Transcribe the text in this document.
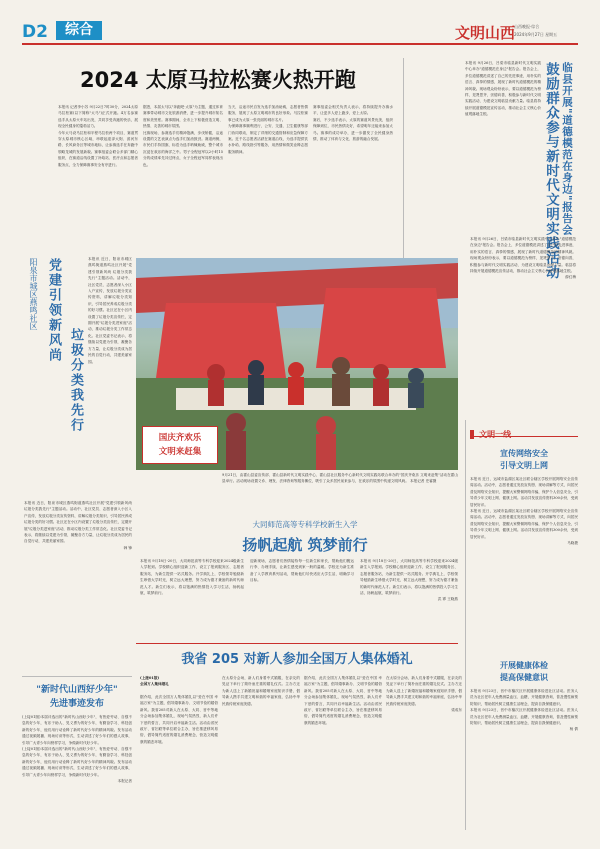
D2	综合	文明山西
山西晚报·综合
2024年9月27日 星期五
2024 太原马拉松赛火热开跑

本报讯 记者李小苏 9月22日7时30分，2024太原马拉松赛(以下简称"太马")正式开跑。4万名参赛选手从太原火车站出发，共同享受奔跑的快乐，展现全民健身的蓬勃活力。

今年太马设马拉松和半程马拉松两个项目，赛道贯穿太原城市核心区域，串联起迎泽大街、滨河东路、长风商务区等城市地标，让参赛选手在奔跑中领略龙城的发展新貌。赛事组委会联合多部门精心组织，在赛道沿线设置了补给站、医疗点和志愿者服务点，全力保障赛事安全有序进行。

据悉，本届太马以"奔跑吧·太原"为主题，通过体育赛事带动城市文化旅游消费，进一步提升城市知名度和美誉度。赛事期间，全市上下积极营造文明、热情、友善的城市氛围。

比赛现场，参赛选手们精神饱满，步伐矫健，沿途设置的文艺表演点为选手们加油鼓劲。赛道两侧，市民们手持国旗、标语为选手呐喊助威，整个城市沉浸在欢乐的海洋之中。男子全程冠军以2小时15分的成绩率先冲过终点，女子全程冠军同样表现出色。

当天，沿途市民自发为选手加油助威，志愿者热情服务，展现了太原文明城市的良好形象。马拉松赛事已成为太原一张亮丽的城市名片。

为保障赛事顺利进行，公安、交通、卫生健康等部门协同联动，制定了详细的交通管制和应急保障方案。近千名志愿者活跃在赛道沿线，为选手提供饮水补给、路线指引等服务，用热情和微笑诠释志愿服务精神。

赛事组委会相关负责人表示，将持续提升办赛水平，让更多人爱上跑步，爱上太原。

赛后，不少选手表示，太原的赛道风景优美，组织保障到位，市民热情友好，希望明年还能来参加太马。赛事的成功举办，进一步激发了全民健身热情，推动了体育与文化、旅游的融合发展。

本报讯 9月26日，吕梁市临县新时代文明实践中心举办"道德模范在身边"报告会。报告会上，多位道德模范讲述了自己的先进事迹，用朴实的语言、真挚的情感，展现了新时代道德模范的精神风貌。现场观众纷纷表示，要以道德模范为榜样，见贤思齐，崇德向善，积极参与新时代文明实践活动，为建设文明临县贡献力量。临县将持续开展道德模范宣传活动，推动社会主义核心价值观落地生根。	临县开展"道德模范在身边"报告会
鼓励群众参与新时代文明实践活动

本报讯 9月26日，吕梁市临县新时代文明实践中心举办"道德模范在身边"报告会。报告会上，多位道德模范讲述了自己的先进事迹，用朴实的语言、真挚的情感，展现了新时代道德模范的精神风貌。现场观众纷纷表示，要以道德模范为榜样，见贤思齐，崇德向善，积极参与新时代文明实践活动，为建设文明临县贡献力量。临县将持续开展道德模范宣传活动，推动社会主义核心价值观落地生根。

薛红梅

阳泉市城区燕鸣社区 党建引领新风尚
垃圾分类我先行

本报讯 近日，阳泉市城区燕鸣街道燕鸣社区开展"党建引领新风尚 垃圾分类我先行"主题活动。活动中，社区党员、志愿者深入小区入户宣传，发放垃圾分类宣传资料，讲解垃圾分类知识，引导居民养成垃圾分类的好习惯。社区还在小区内设置了垃圾分类宣传栏，定期开展"垃圾分类进家庭"活动，推动垃圾分类工作常态化。社区党委书记表示，将继续以党建为引领，凝聚各方力量，让垃圾分类成为居民的自觉行动，共建美丽家园。

本报讯 近日，阳泉市城区燕鸣街道燕鸣社区开展"党建引领新风尚 垃圾分类我先行"主题活动。活动中，社区党员、志愿者深入小区入户宣传，发放垃圾分类宣传资料，讲解垃圾分类知识，引导居民养成垃圾分类的好习惯。社区还在小区内设置了垃圾分类宣传栏，定期开展"垃圾分类进家庭"活动，推动垃圾分类工作常态化。社区党委书记表示，将继续以党建为引领，凝聚各方力量，让垃圾分类成为居民的自觉行动，共建美丽家园。

韩 锋

国庆齐欢乐
文明来赶集
9月21日，由霍山县委宣传部、霍山县新时代文明实践中心、霍山县社区服务中心新时代文明实践站联合举办的"国庆齐欢乐 文明来赶集"活动在霍山县举行。活动现场设置义诊、理发、法律咨询等服务摊位，吸引了众多居民前来参与，在欢乐的氛围中传递文明风尚。 本报记者 史睿摄
大同师范高等专科学校新生入学
扬帆起航 筑梦前行

本报讯 9月18日-20日，大同师范高等专科学校迎来2024级新生入学报到。学校精心组织迎新工作，设立了报到服务区、志愿者服务站，为新生提供一站式服务。开学典礼上，学校领导勉励新生珍惜大学时光，树立远大理想，努力成为德才兼备的新时代师范人才。新生们表示，将以饱满的热情投入学习生活，扬帆起航，筑梦前行。

迎新现场，志愿者们热情接待每一位新生和家长，帮助他们搬运行李、办理手续，让新生感受到家一般的温暖。学校还为新生准备了入学教育系列活动，帮助他们尽快适应大学生活，明确学习目标。

本报讯 9月18日-20日，大同师范高等专科学校迎来2024级新生入学报到。学校精心组织迎新工作，设立了报到服务区、志愿者服务站，为新生提供一站式服务。开学典礼上，学校领导勉励新生珍惜大学时光，树立远大理想，努力成为德才兼备的新时代师范人才。新生们表示，将以饱满的热情投入学习生活，扬帆起航，筑梦前行。

武 霏 王晓燕

我省 205 对新人参加全国万人集体婚礼
(上接01版)
全国万人集体婚礼

据介绍，此次全国万人集体婚礼以"爱在中国 幸福万家"为主题，倡导婚事新办、文明节俭的婚俗新风。我省205对新人在太原、大同、晋中等地分会场参加集体婚礼，现场气氛热烈，新人们许下爱的誓言，共同开启幸福新生活。活动由省民政厅、省妇联等单位联合主办，旨在推进移风易俗，倡导简约适度的婚礼消费理念，营造文明健康的婚恋环境。

在太原分会场，新人们身着中式婚服，在亲友的见证下举行了简朴而庄重的婚礼仪式。主办方还为新人送上了新婚祝福和婚姻家庭知识手册，倡导新人携手共建文明和谐的幸福家庭，弘扬中华民族传统家庭美德。

据介绍，此次全国万人集体婚礼以"爱在中国 幸福万家"为主题，倡导婚事新办、文明节俭的婚俗新风。我省205对新人在太原、大同、晋中等地分会场参加集体婚礼，现场气氛热烈，新人们许下爱的誓言，共同开启幸福新生活。活动由省民政厅、省妇联等单位联合主办，旨在推进移风易俗，倡导简约适度的婚礼消费理念，营造文明健康的婚恋环境。

在太原分会场，新人们身着中式婚服，在亲友的见证下举行了简朴而庄重的婚礼仪式。主办方还为新人送上了新婚祝福和婚姻家庭知识手册，倡导新人携手共建文明和谐的幸福家庭，弘扬中华民族传统家庭美德。

梁成东

"新时代山西好少年"
先进事迹发布

(上接01版)本届评选出的"新时代山西好少年"，有热爱劳动、自强不息的好少年，有乐于助人、见义勇为的好少年，有勤奋学习、科技创新的好少年，他们用行动诠释了新时代好少年的精神风貌。发布活动通过视频展播、现场访谈等形式，生动讲述了好少年们的感人故事，引导广大青少年向榜样学习，争做新时代好少年。

(上接01版)本届评选出的"新时代山西好少年"，有热爱劳动、自强不息的好少年，有乐于助人、见义勇为的好少年，有勤奋学习、科技创新的好少年，他们用行动诠释了新时代好少年的精神风貌。发布活动通过视频展播、现场访谈等形式，生动讲述了好少年们的感人故事，引导广大青少年向榜样学习，争做新时代好少年。

本报记者

文明一线
宣传网络安全
引导文明上网

本报讯 近日，运城市盐湖区某社区联合辖区学校开展网络安全宣传周活动。活动中，志愿者通过发放宣传册、现场讲解等方式，向居民普及网络安全知识，提醒大家警惕网络诈骗，保护个人信息安全，引导青少年文明上网、健康上网。活动共发放宣传资料300余份，受到居民好评。

本报讯 近日，运城市盐湖区某社区联合辖区学校开展网络安全宣传周活动。活动中，志愿者通过发放宣传册、现场讲解等方式，向居民普及网络安全知识，提醒大家警惕网络诈骗，保护个人信息安全，引导青少年文明上网、健康上网。活动共发放宣传资料300余份，受到居民好评。

马晓捷

开展健康体检
提高保健意识

本报讯 9月23日，晋中市榆次区开展健康体检进社区活动。医务人员为社区老年人免费测量血压、血糖，开展健康咨询，普及慢性病预防知识，帮助居民树立健康生活理念，提高自我保健意识。

本报讯 9月23日，晋中市榆次区开展健康体检进社区活动。医务人员为社区老年人免费测量血压、血糖，开展健康咨询，普及慢性病预防知识，帮助居民树立健康生活理念，提高自我保健意识。

杨 倩
